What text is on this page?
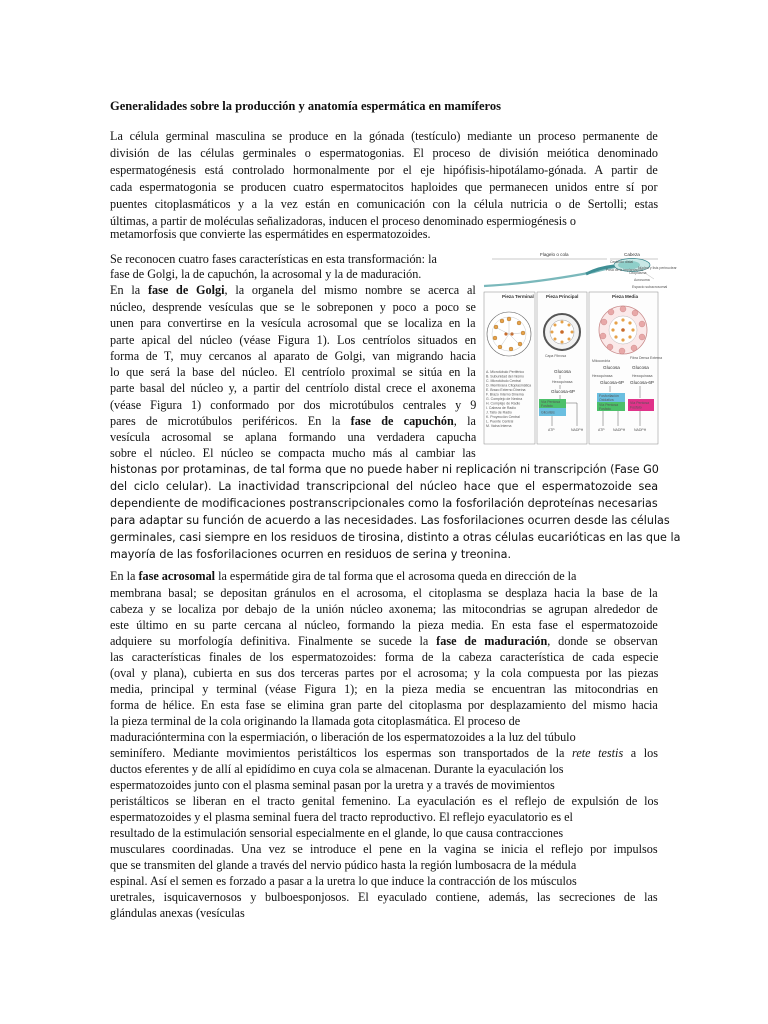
Generalidades sobre la producción y anatomía espermática en mamíferos
La célula germinal masculina se produce en la gónada (testículo) mediante un proceso permanente de
división de las células germinales o espermatogonias. El proceso de división meiótica denominado
espermatogénesis está controlado hormonalmente por el eje hipófisis-hipotálamo-gónada. A partir de
cada espermatogonia se producen cuatro espermatocitos haploides que permanecen unidos entre sí por
puentes citoplasmáticos y a la vez están en comunicación con la célula nutricia o de Sertolli; estas
últimas, a partir de moléculas señalizadoras, inducen el proceso denominado espermiogénesis o
metamorfosis que convierte las espermátides en espermatozoides.
Se reconocen cuatro fases características en esta transformación: la
fase de Golgi, la de capuchón, la acrosomal y la de maduración.
En la fase de Golgi, la organela del mismo nombre se acerca al
núcleo, desprende vesículas que se le sobreponen y poco a poco se
unen para convertirse en la vesícula acrosomal que se localiza en la
parte apical del núcleo (véase Figura 1). Los centríolos situados en
forma de T, muy cercanos al aparato de Golgi, van migrando hacia
lo que será la base del núcleo. El centríolo proximal se sitúa en la
parte basal del núcleo y, a partir del centríolo distal crece el axonema
(véase Figura 1) conformado por dos microtúbulos centrales y 9
pares de microtúbulos periféricos. En la fase de capuchón, la
vesícula acrosomal se aplana formando una verdadera capucha
sobre el núcleo. El núcleo se compacta mucho más al cambiar las
histonas por protaminas, de tal forma que no puede haber ni replicación ni transcripción (Fase G0
del ciclo celular). La inactividad transcripcional del núcleo hace que el espermatozoide sea
dependiente de modificaciones postranscripcionales como la fosforilación deproteínas necesarias
para adaptar su función de acuerdo a las necesidades. Las fosforilaciones ocurren desde las células
germinales, casi siempre en los residuos de tirosina, distinto a otras células eucarióticas en las que la
mayoría de las fosforilaciones ocurren en residuos de serina y treonina.
Flagelo o cola	Cabeza
Centriolo distal
Fosa de la implantación
Citoplasma
Núcleo y lisis perinuclear
Acrosoma
Espacio subacrosomal
Pieza Terminal	Pieza Principal	Pieza Media
Capa Fibrosa
Mitocondria
Fibra Densa Externa
A. Microtúbulo Periférico
B. Subunidad del mismo
C. Microtúbulo Central
D. Membrana Citoplasmática
E. Brazo Externo Dineína
F. Brazo Interno Dineína
G. Complejo de Nexina
H. Complejo de Radio
I. Cabeza de Radio
J. Tallo de Radio
K. Proyección Central
L. Puente Central
M. Vaina Interna
Glucosa
Hexoquinasa
Glucosa-6P
Vía Pentosa
Fosfato
Glicolisis
ATP	NADPH
Glucosa
Hexoquinasa
Glucosa-6P
Fosforilación
Oxidativa
Vía Pentosa
Fosfato
ATP NADPH
Glucosa
Hexoquinasa
Glucosa-6P
Vía Pentosa
Fosfato
NADPH
En la fase acrosomal la espermátide gira de tal forma que el acrosoma queda en dirección de la
membrana basal; se depositan gránulos en el acrosoma, el citoplasma se desplaza hacia la base de la
cabeza y se localiza por debajo de la unión núcleo axonema; las mitocondrias se agrupan alrededor de
este último en su parte cercana al núcleo, formando la pieza media. En esta fase el espermatozoide
adquiere su morfología definitiva. Finalmente se sucede la fase de maduración, donde se observan
las características finales de los espermatozoides: forma de la cabeza característica de cada especie
(oval y plana), cubierta en sus dos terceras partes por el acrosoma; y la cola compuesta por las piezas
media, principal y terminal (véase Figura 1); en la pieza media se encuentran las mitocondrias en
forma de hélice. En esta fase se elimina gran parte del citoplasma por desplazamiento del mismo hacia
la pieza terminal de la cola originando la llamada gota citoplasmática. El proceso de
maduracióntermina con la espermiación, o liberación de los espermatozoides a la luz del túbulo
seminífero. Mediante movimientos peristálticos los espermas son transportados de la rete testis a los
ductos eferentes y de allí al epidídimo en cuya cola se almacenan. Durante la eyaculación los
espermatozoides junto con el plasma seminal pasan por la uretra y a través de movimientos
peristálticos se liberan en el tracto genital femenino. La eyaculación es el reflejo de expulsión de los
espermatozoides y el plasma seminal fuera del tracto reproductivo. El reflejo eyaculatorio es el
resultado de la estimulación sensorial especialmente en el glande, lo que causa contracciones
musculares coordinadas. Una vez se introduce el pene en la vagina se inicia el reflejo por impulsos
que se transmiten del glande a través del nervio púdico hasta la región lumbosacra de la médula
espinal. Así el semen es forzado a pasar a la uretra lo que induce la contracción de los músculos
uretrales, isquicavernosos y bulboesponjosos. El eyaculado contiene, además, las secreciones de las
glándulas anexas (vesículas
